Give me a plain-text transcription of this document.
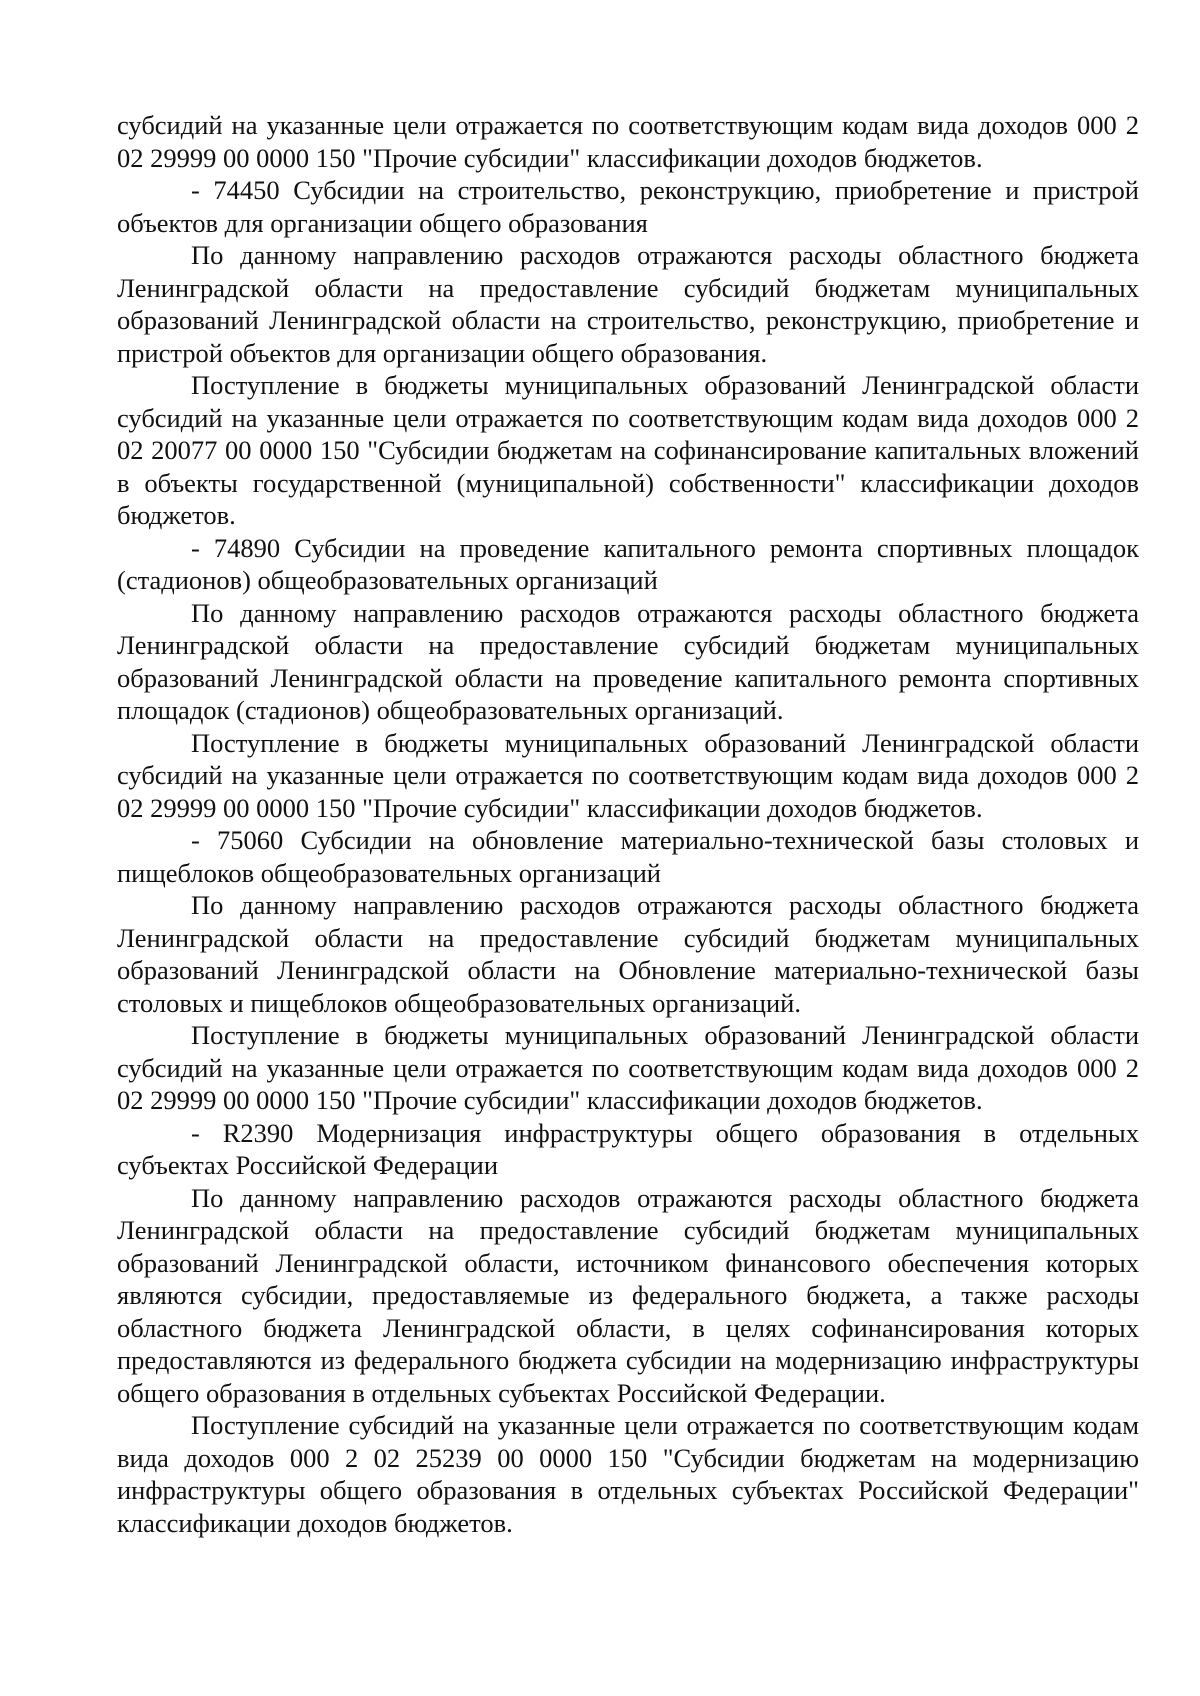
субсидий на указанные цели отражается по соответствующим кодам вида доходов 000 2 02 29999 00 0000 150 "Прочие субсидии" классификации доходов бюджетов.

- 74450 Субсидии на строительство, реконструкцию, приобретение и пристрой объектов для организации общего образования

По данному направлению расходов отражаются расходы областного бюджета Ленинградской области на предоставление субсидий бюджетам муниципальных образований Ленинградской области на строительство, реконструкцию, приобретение и пристрой объектов для организации общего образования.

Поступление в бюджеты муниципальных образований Ленинградской области субсидий на указанные цели отражается по соответствующим кодам вида доходов 000 2 02 20077 00 0000 150 "Субсидии бюджетам на софинансирование капитальных вложений в объекты государственной (муниципальной) собственности" классификации доходов бюджетов.

- 74890 Субсидии на проведение капитального ремонта спортивных площадок (стадионов) общеобразовательных организаций

По данному направлению расходов отражаются расходы областного бюджета Ленинградской области на предоставление субсидий бюджетам муниципальных образований Ленинградской области на проведение капитального ремонта спортивных площадок (стадионов) общеобразовательных организаций.

Поступление в бюджеты муниципальных образований Ленинградской области субсидий на указанные цели отражается по соответствующим кодам вида доходов 000 2 02 29999 00 0000 150 "Прочие субсидии" классификации доходов бюджетов.

- 75060 Субсидии на обновление материально-технической базы столовых и пищеблоков общеобразовательных организаций

По данному направлению расходов отражаются расходы областного бюджета Ленинградской области на предоставление субсидий бюджетам муниципальных образований Ленинградской области на Обновление материально-технической базы столовых и пищеблоков общеобразовательных организаций.

Поступление в бюджеты муниципальных образований Ленинградской области субсидий на указанные цели отражается по соответствующим кодам вида доходов 000 2 02 29999 00 0000 150 "Прочие субсидии" классификации доходов бюджетов.

- R2390 Модернизация инфраструктуры общего образования в отдельных субъектах Российской Федерации

По данному направлению расходов отражаются расходы областного бюджета Ленинградской области на предоставление субсидий бюджетам муниципальных образований Ленинградской области, источником финансового обеспечения которых являются субсидии, предоставляемые из федерального бюджета, а также расходы областного бюджета Ленинградской области, в целях софинансирования которых предоставляются из федерального бюджета субсидии на модернизацию инфраструктуры общего образования в отдельных субъектах Российской Федерации.

Поступление субсидий на указанные цели отражается по соответствующим кодам вида доходов 000 2 02 25239 00 0000 150 "Субсидии бюджетам на модернизацию инфраструктуры общего образования в отдельных субъектах Российской Федерации" классификации доходов бюджетов.
